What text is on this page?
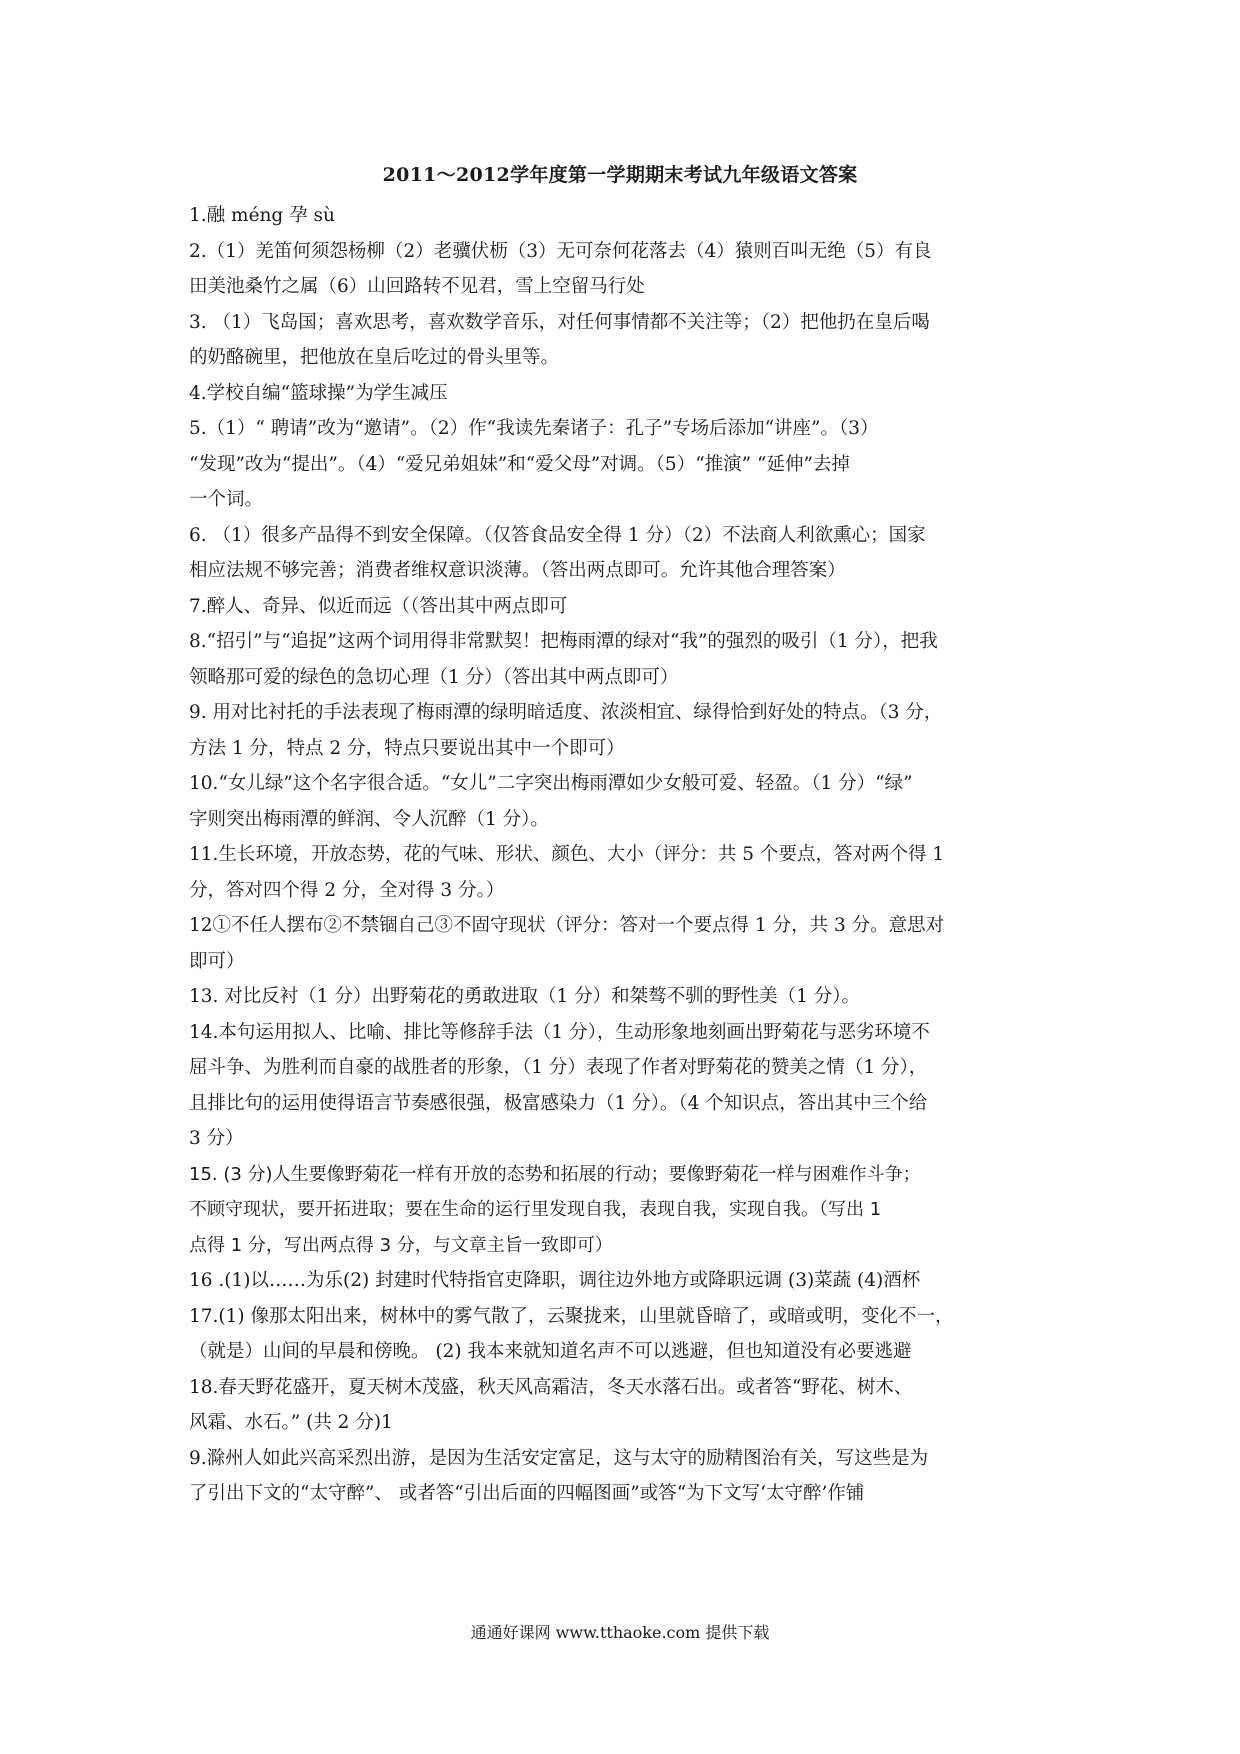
2011～2012学年度第一学期期末考试九年级语文答案
1.融 méng 孕 sù
2.（1）羌笛何须怨杨柳（2）老骥伏枥（3）无可奈何花落去（4）猿则百叫无绝（5）有良
田美池桑竹之属（6）山回路转不见君，雪上空留马行处
3. （1）飞岛国；喜欢思考，喜欢数学音乐，对任何事情都不关注等；（2）把他扔在皇后喝
的奶酪碗里，把他放在皇后吃过的骨头里等。
4.学校自编“篮球操”为学生减压
5.（1）“ 聘请”改为“邀请”。（2）作“我读先秦诸子：孔子”专场后添加“讲座”。（3）
“发现”改为“提出”。（4）“爱兄弟姐妹”和“爱父母”对调。（5）“推演” “延伸”去掉
一个词。
6. （1）很多产品得不到安全保障。（仅答食品安全得 1 分）（2）不法商人利欲熏心；国家
相应法规不够完善；消费者维权意识淡薄。（答出两点即可。允许其他合理答案）
7.醉人、奇异、似近而远（（答出其中两点即可
8.“招引”与“追捉”这两个词用得非常默契！把梅雨潭的绿对“我”的强烈的吸引（1 分），把我
领略那可爱的绿色的急切心理（1 分）（答出其中两点即可）
9. 用对比衬托的手法表现了梅雨潭的绿明暗适度、浓淡相宜、绿得恰到好处的特点。（3 分，
方法 1 分，特点 2 分，特点只要说出其中一个即可）
10.“女儿绿”这个名字很合适。“女儿”二字突出梅雨潭如少女般可爱、轻盈。（1 分）“绿”
字则突出梅雨潭的鲜润、令人沉醉（1 分）。
11.生长环境，开放态势，花的气味、形状、颜色、大小（评分：共 5 个要点，答对两个得 1
分，答对四个得 2 分，全对得 3 分。）
12①不任人摆布②不禁锢自己③不固守现状（评分：答对一个要点得 1 分，共 3 分。意思对
即可）
13. 对比反衬（1 分）出野菊花的勇敢进取（1 分）和桀骜不驯的野性美（1 分）。
14.本句运用拟人、比喻、排比等修辞手法（1 分），生动形象地刻画出野菊花与恶劣环境不
屈斗争、为胜利而自豪的战胜者的形象，（1 分）表现了作者对野菊花的赞美之情（1 分），
且排比句的运用使得语言节奏感很强，极富感染力（1 分）。（4 个知识点，答出其中三个给
3 分）
15. (3 分)人生要像野菊花一样有开放的态势和拓展的行动；要像野菊花一样与困难作斗争；
不顾守现状，要开拓进取；要在生命的运行里发现自我，表现自我，实现自我。（写出 1
点得 1 分，写出两点得 3 分，与文章主旨一致即可）
16 .(1)以……为乐(2) 封建时代特指官吏降职，调往边外地方或降职远调 (3)菜蔬 (4)酒杯
17.(1) 像那太阳出来，树林中的雾气散了，云聚拢来，山里就昏暗了，或暗或明，变化不一，
（就是）山间的早晨和傍晚。 (2) 我本来就知道名声不可以逃避，但也知道没有必要逃避
18.春天野花盛开，夏天树木茂盛，秋天风高霜洁，冬天水落石出。或者答“野花、树木、
风霜、水石。” (共 2 分)1
9.滁州人如此兴高采烈出游，是因为生活安定富足，这与太守的励精图治有关，写这些是为
了引出下文的“太守醉”、 或者答“引出后面的四幅图画”或答“为下文写‘太守醉’作铺

通通好课网 www.tthaoke.com 提供下载
